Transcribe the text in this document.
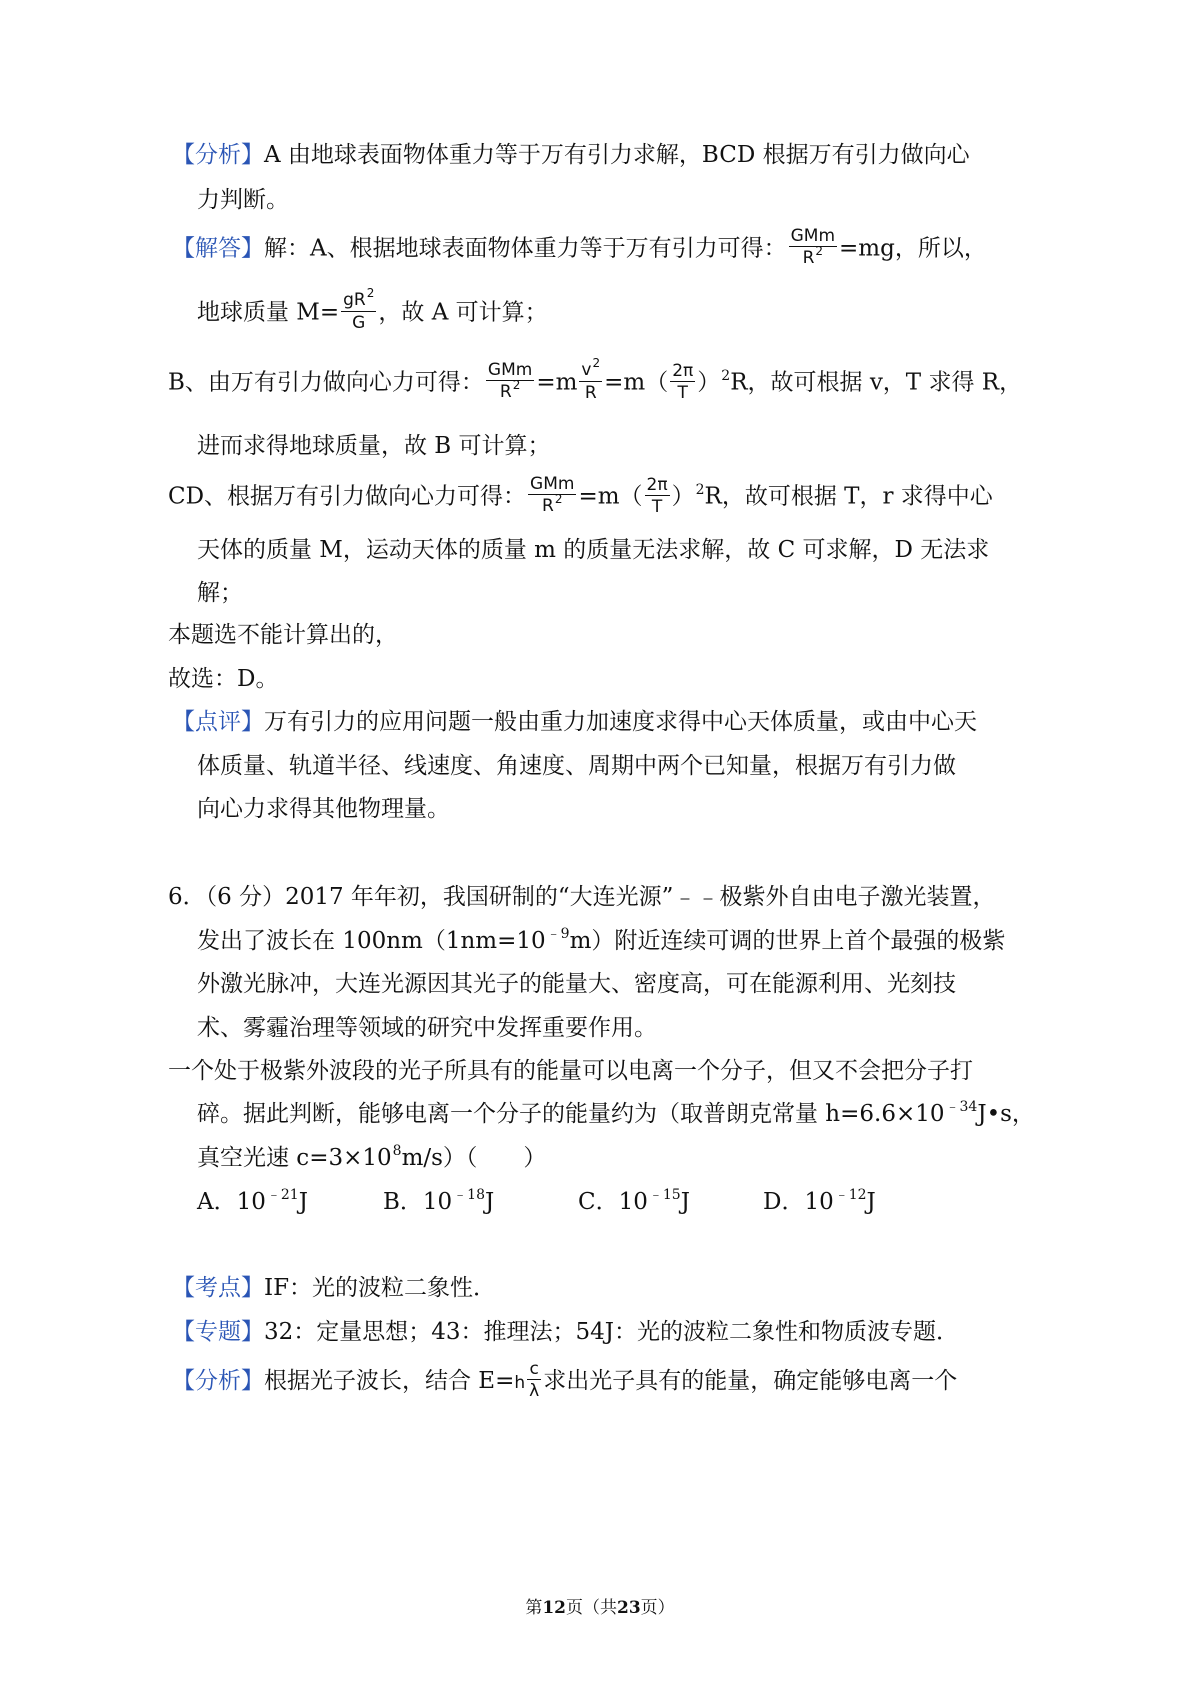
【分析】A 由地球表面物体重力等于万有引力求解，BCD 根据万有引力做向心
力判断。
【解答】解：A、根据地球表面物体重力等于万有引力可得： $\frac{\text{GMm}}{R^2} =mg$，所以，
地球质量 $M= \frac{gR^2}{G}$ ，故 A 可计算；
B、由万有引力做向心力可得： $\frac{\text{GMm}}{R^2} =m \frac{v^2}{R} =m( \frac{2\pi}{T} )^2R$，故可根据 v，T 求得 R，
进而求得地球质量，故 B 可计算；
CD、根据万有引力做向心力可得： $\frac{\text{GMm}}{R^2} =m( \frac{2\pi}{T} )^2R$，故可根据 T，r 求得中心
天体的质量 M，运动天体的质量 m 的质量无法求解，故 C 可求解，D 无法求
解；
本题选不能计算出的，
故选：D。
【点评】万有引力的应用问题一般由重力加速度求得中心天体质量，或由中心天
体质量、轨道半径、线速度、角速度、周期中两个已知量，根据万有引力做
向心力求得其他物理量。
6．（6 分）2017 年年初，我国研制的“大连光源”﹣﹣极紫外自由电子激光装置，
发出了波长在 $100nm(1nm=10^{﹣9}m)$附近连续可调的世界上首个最强的极紫
外激光脉冲，大连光源因其光子的能量大、密度高，可在能源利用、光刻技
术、雾霾治理等领域的研究中发挥重要作用。
一个处于极紫外波段的光子所具有的能量可以电离一个分子，但又不会把分子打
碎。据此判断，能够电离一个分子的能量约为（取普朗克常量 $h=6.6\times 10^{﹣34}J•s$，
真空光速 $c=3\times 10^8m/s$）（　　）
A．$10^{﹣21}J$	B．$10^{﹣18}J$	C．$10^{﹣15}J$	D．$10^{﹣12}J$
【考点】IF：光的波粒二象性．
【专题】32：定量思想；43：推理法；54J：光的波粒二象性和物质波专题．
【分析】根据光子波长，结合 $E=h \frac{c}{\lambda}$ 求出光子具有的能量，确定能够电离一个
第12页（共23页）
